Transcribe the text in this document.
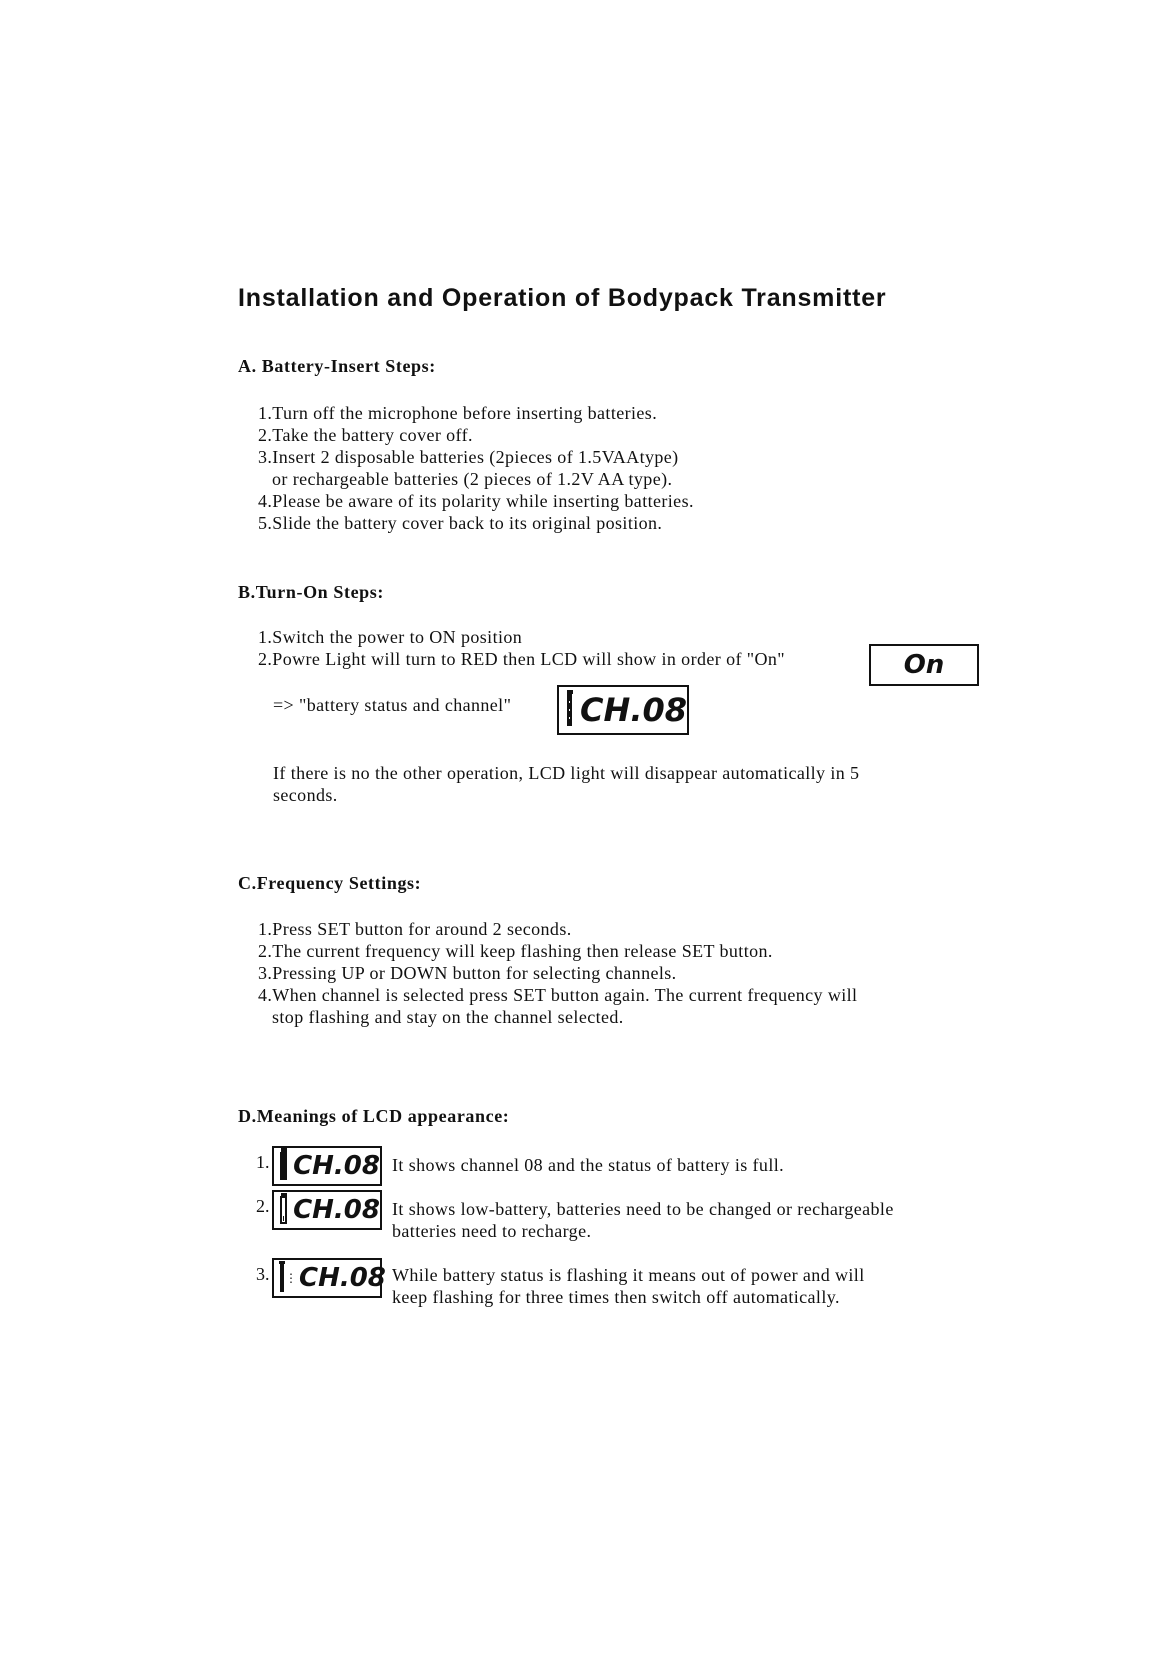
Installation and Operation of Bodypack Transmitter
A. Battery-Insert Steps:
1.Turn off the microphone before inserting batteries.
2.Take the battery cover off.
3.Insert 2 disposable batteries (2pieces of 1.5VAAtype)
or rechargeable batteries (2 pieces of 1.2V AA type).
4.Please be aware of its polarity while inserting batteries.
5.Slide the battery cover back to its original position.
B.Turn-On Steps:
1.Switch the power to ON position
2.Powre Light will turn to RED then LCD will show in order of "On"	On
=> "battery status and channel"	CH.08

If there is no the other operation, LCD light will disappear automatically in 5
seconds.

C.Frequency Settings:
1.Press SET button for around 2 seconds.
2.The current frequency will keep flashing then release SET button.
3.Pressing UP or DOWN button for selecting channels.
4.When channel is selected press SET button again. The current frequency will
stop flashing and stay on the channel selected.
D.Meanings of LCD appearance:
1. CH.08 It shows channel 08 and the status of battery is full.

2. CH.08 It shows low-battery, batteries need to be changed or rechargeable
batteries need to recharge.

3. ⋮ CH.08 While battery status is flashing it means out of power and will
keep flashing for three times then switch off automatically.
